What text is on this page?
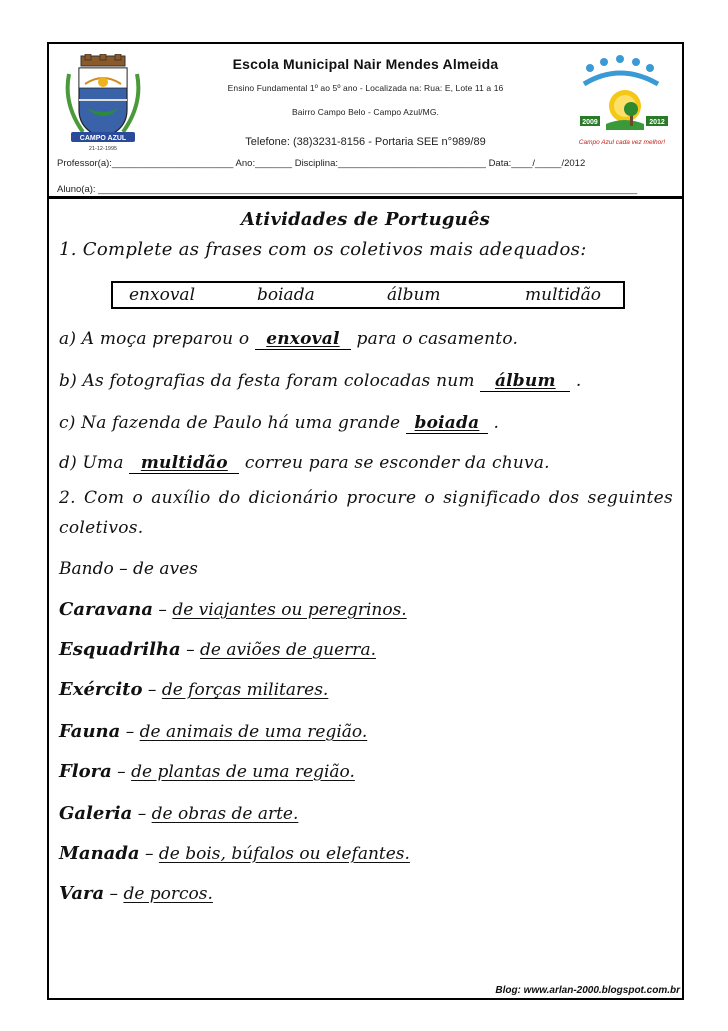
CAMPO AZUL
21-12-1995
Escola Municipal Nair Mendes Almeida
Ensino Fundamental 1º ao 5º ano - Localizada na: Rua: E, Lote 11 a 16
Bairro Campo Belo - Campo Azul/MG.
Telefone: (38)3231-8156 - Portaria SEE n°989/89
2009	2012
Campo Azul cada vez melhor!
Professor(a):_______________________ Ano:_______ Disciplina:____________________________ Data:____/_____/2012
Aluno(a): ______________________________________________________________________________________________________
Atividades de Português
1. Complete as frases com os coletivos mais adequados:
enxoval	boiada	álbum	multidão
a) A moça preparou o enxoval para o casamento.
b) As fotografias da festa foram colocadas num álbum .
c) Na fazenda de Paulo há uma grande boiada .
d) Uma multidão correu para se esconder da chuva.
2. Com o auxílio do dicionário procure o significado dos seguintes coletivos.
Bando – de aves
Caravana – de viajantes ou peregrinos.
Esquadrilha – de aviões de guerra.
Exército – de forças militares.
Fauna – de animais de uma região.
Flora – de plantas de uma região.
Galeria – de obras de arte.
Manada – de bois, búfalos ou elefantes.
Vara – de porcos.
Blog: www.arlan-2000.blogspot.com.br
